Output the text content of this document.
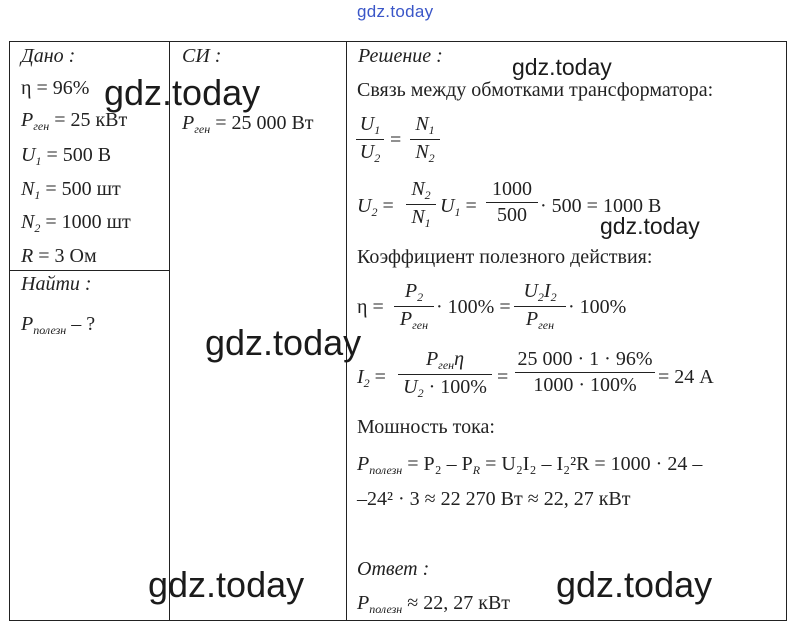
gdz.today
Дано :
η = 96%
$P_{ген} = 25$ кВт
$U_1 = 500$ В
$N_1 = 500$ шт
$N_2 = 1000$ шт
R = 3 Ом
Найти :
$P_{полезн}$ – ?
СИ :
$P_{ген} = 25$ 000 Вт
Решение :
Связь между обмотками трансформатора:
$U_1$
$U_2$
=
$N_1$
$N_2$
$U_2$ =
$N_2$
$N_1$
$U_1$ =
1000
500 · 500 = 1000 В
Коэффициент полезного действия:
η =
$P_2$
$P_{ген}$
· 100% =
$U_2I_2$
$P_{ген}$
· 100%
$I_2$ =
$P_{ген}\eta$
$U_2 \cdot 100\%$ =
25 000 · 1 · 96%
1000 · 100%	= 24 А
Мошность тока:
$P_{полезн} = P_2 - P_R = U_2I_2 - I_2^2R = 1000 \cdot 24$ –
–24² · 3 ≈ 22 270 Вт ≈ 22, 27 кВт
Ответ :
$P_{полезн} \approx 22$, 27 кВт
gdz.today
gdz.today
gdz.today
gdz.today
gdz.today	gdz.today
